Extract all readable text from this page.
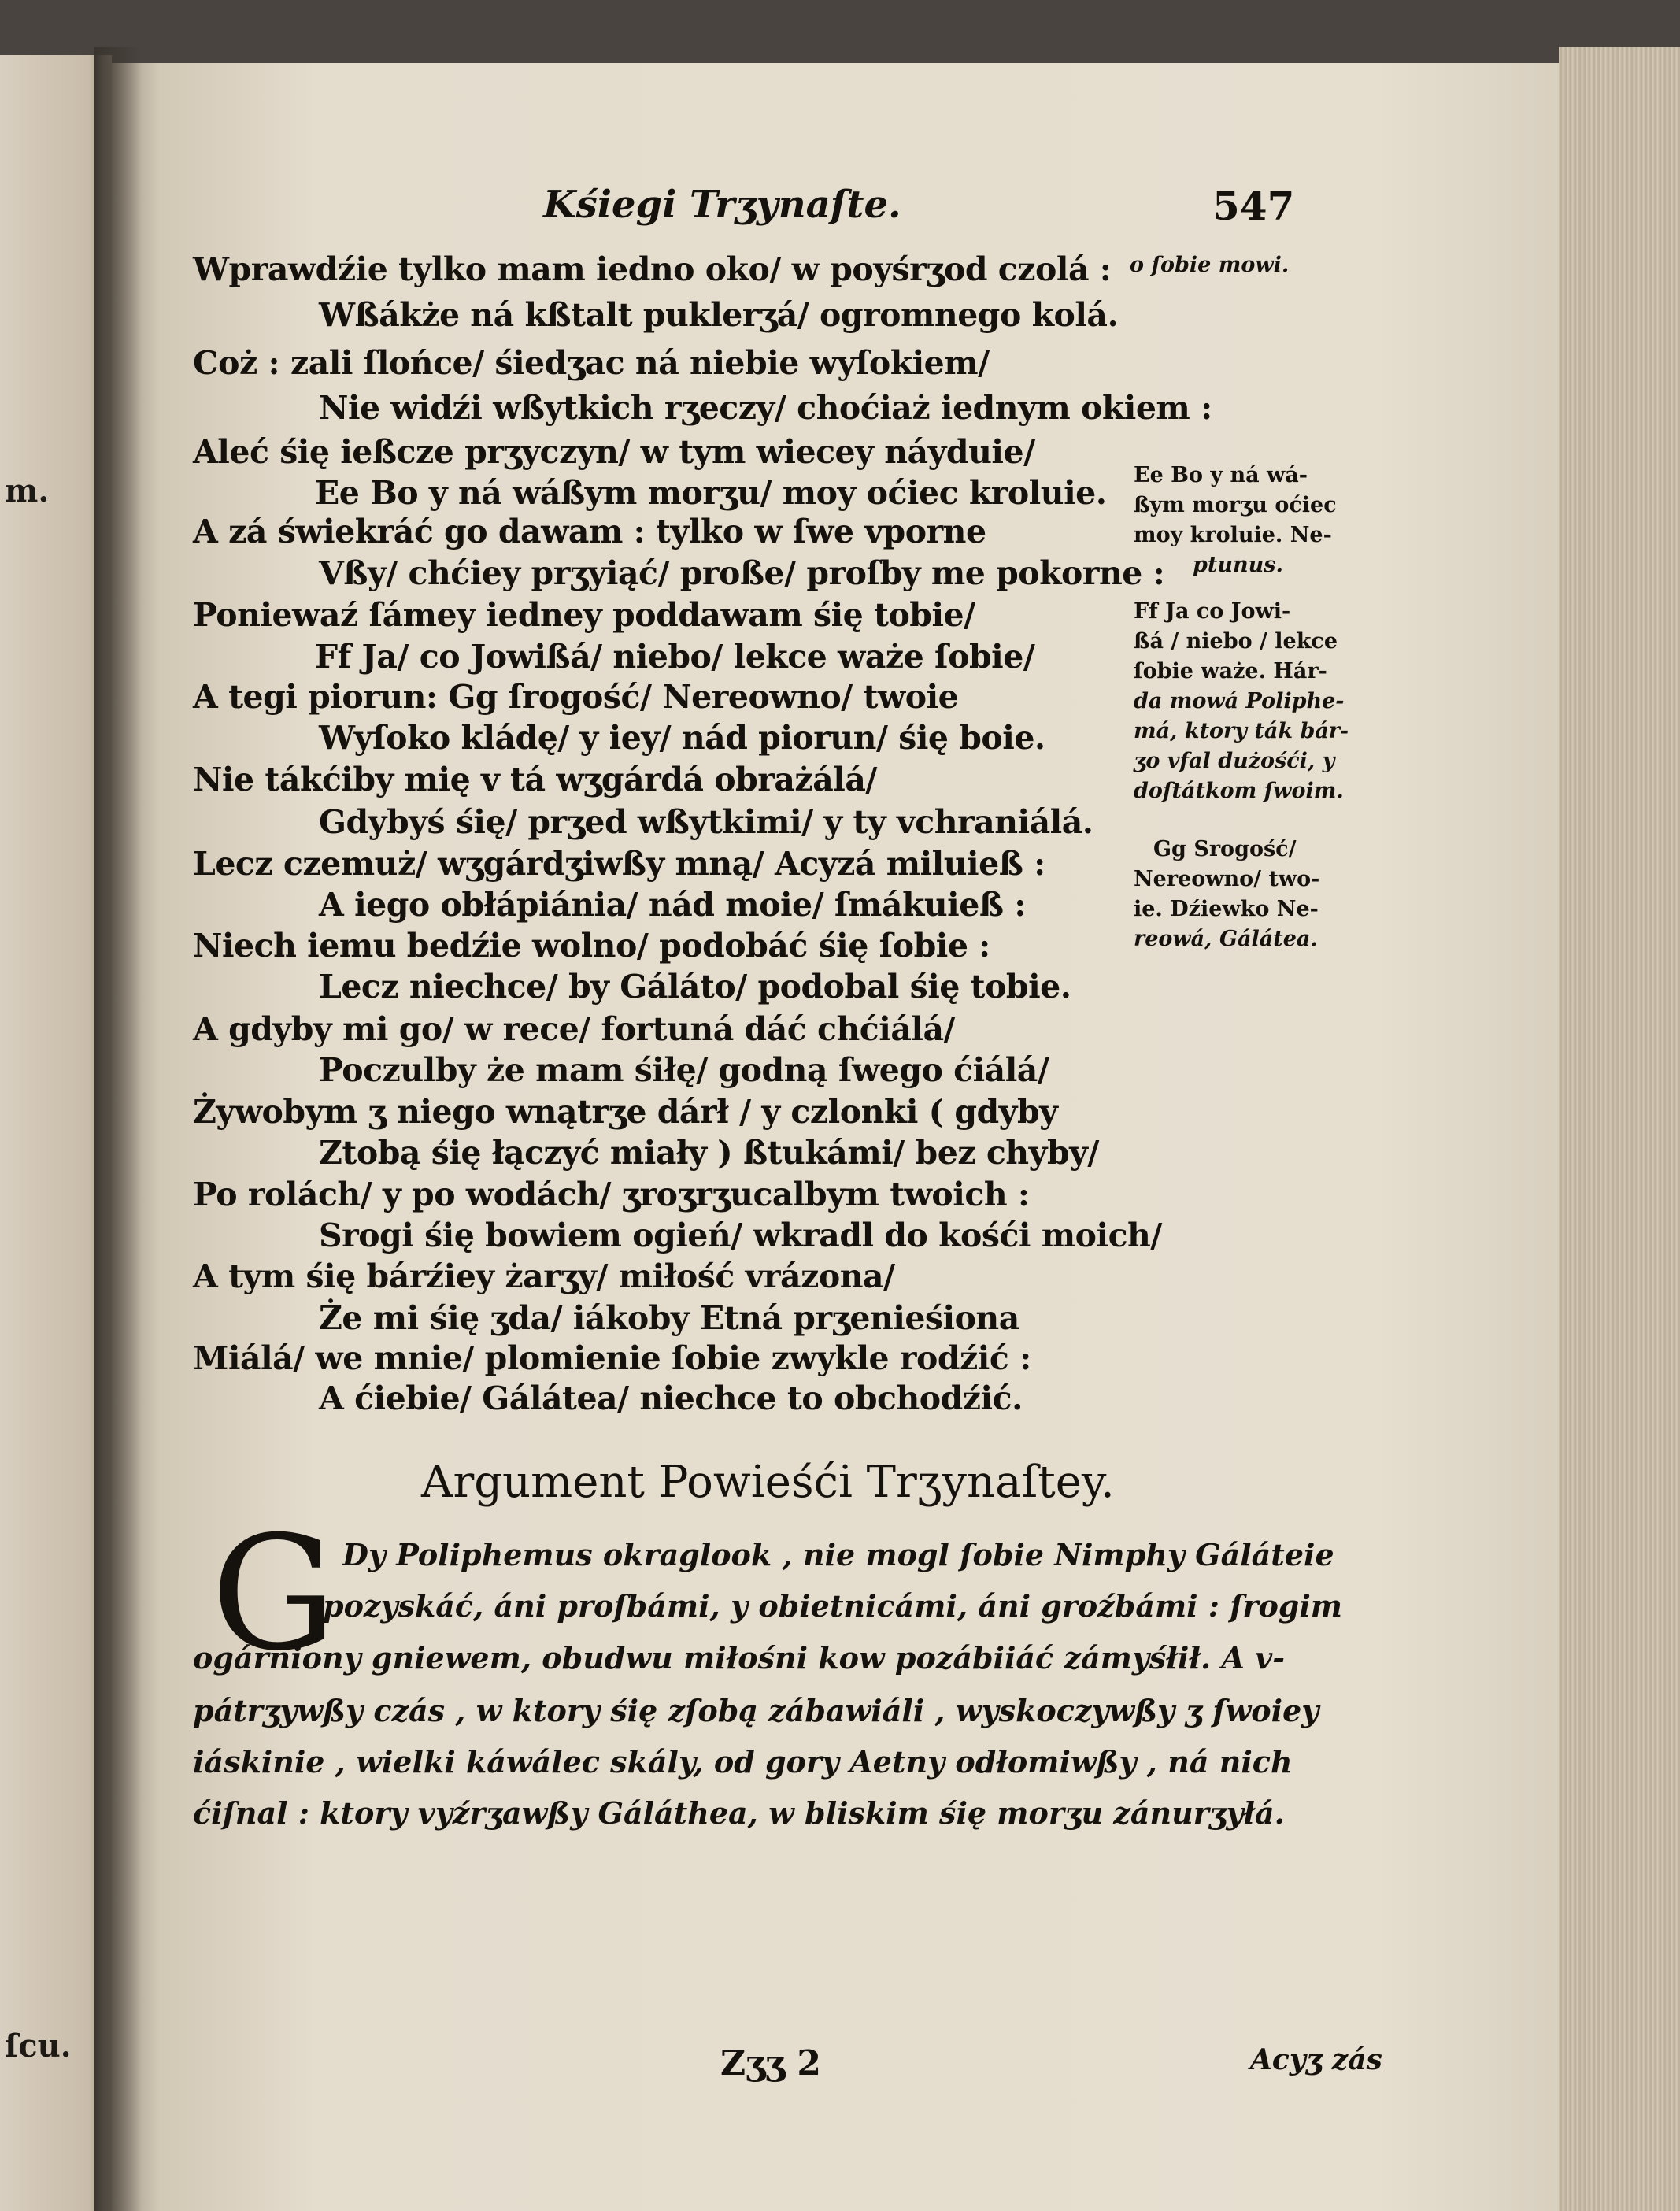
m.
ſcu.
Kśiegi Trʒynaſte.	547
Wprawdźie tylko mam iedno oko/ w poyśrʒod czolá :
Wßákże ná kßtalt puklerʒá/ ogromnego kolá.
Coż : zali ſlońce/ śiedʒac ná niebie wyſokiem/
Nie widźi wßytkich rʒeczy/ choćiaż iednym okiem :
Aleć śię ießcze prʒyczyn/ w tym wiecey náyduie/
Ee Bo y ná wáßym morʒu/ moy oćiec kroluie.
A zá świekráć go dawam : tylko w ſwe vporne
Vßy/ chćiey prʒyiąć/ proße/ proſby me pokorne :
Poniewaź ſámey iedney poddawam śię tobie/
Ff Ja/ co Jowißá/ niebo/ lekce waże ſobie/
A tegi piorun: Gg ſrogość/ Nereowno/ twoie
Wyſoko kládę/ y iey/ nád piorun/ śię boie.
Nie tákćiby mię v tá wʒgárdá obrażálá/
Gdybyś śię/ prʒed wßytkimi/ y ty vchraniálá.
Lecz czemuż/ wʒgárdʒiwßy mną/ Acyzá miluieß :
A iego obłápiánia/ nád moie/ ſmákuieß :
Niech iemu bedźie wolno/ podobáć śię ſobie :
Lecz niechce/ by Gáláto/ podobal śię tobie.
A gdyby mi go/ w rece/ fortuná dáć chćiálá/
Poczulby że mam śiłę/ godną ſwego ćiálá/
Żywobym ʒ niego wnątrʒe dárł / y czlonki ( gdyby
Ztobą śię łączyć miały ) ßtukámi/ bez chyby/
Po rolách/ y po wodách/ ʒroʒrʒucalbym twoich :
Srogi śię bowiem ogień/ wkradl do kośći moich/
A tym śię bárźiey żarʒy/ miłość vrázona/
Że mi śię ʒda/ iákoby Etná prʒenieśiona
Miálá/ we mnie/ plomienie ſobie zwykle rodźić :
A ćiebie/ Gálátea/ niechce to obchodźić.
o ſobie mowi.
Ee Bo y ná wá-
ßym morʒu oćiec
moy kroluie. Ne-
ptunus.
Ff Ja co Jowi-
ßá / niebo / lekce
ſobie waże. Hár-
da mowá Poliphe-
má, ktory ták bár-
ʒo vfal dużośći, y
doſtátkom ſwoim.
Gg Srogość/
Nereowno/ two-
ie. Dźiewko Ne-
reowá, Gálátea.
Argument Powieśći Trʒynaſtey.
G Dy Poliphemus okraglook , nie mogl ſobie Nimphy Gáláteie
pozyskáć, áni proſbámi, y obietnicámi, áni groźbámi : ſrogim
ogárniony gniewem, obudwu miłośni kow pozábiiáć zámyśłił. A v-
pátrʒywßy czás , w ktory śię zſobą zábawiáli , wyskoczywßy ʒ ſwoiey
iáskinie , wielki káwálec skály, od gory Aetny odłomiwßy , ná nich
ćiſnal : ktory vyźrʒawßy Gáláthea, w bliskim śię morʒu zánurʒyłá.
Zʒʒ 2	Acyʒ zás
